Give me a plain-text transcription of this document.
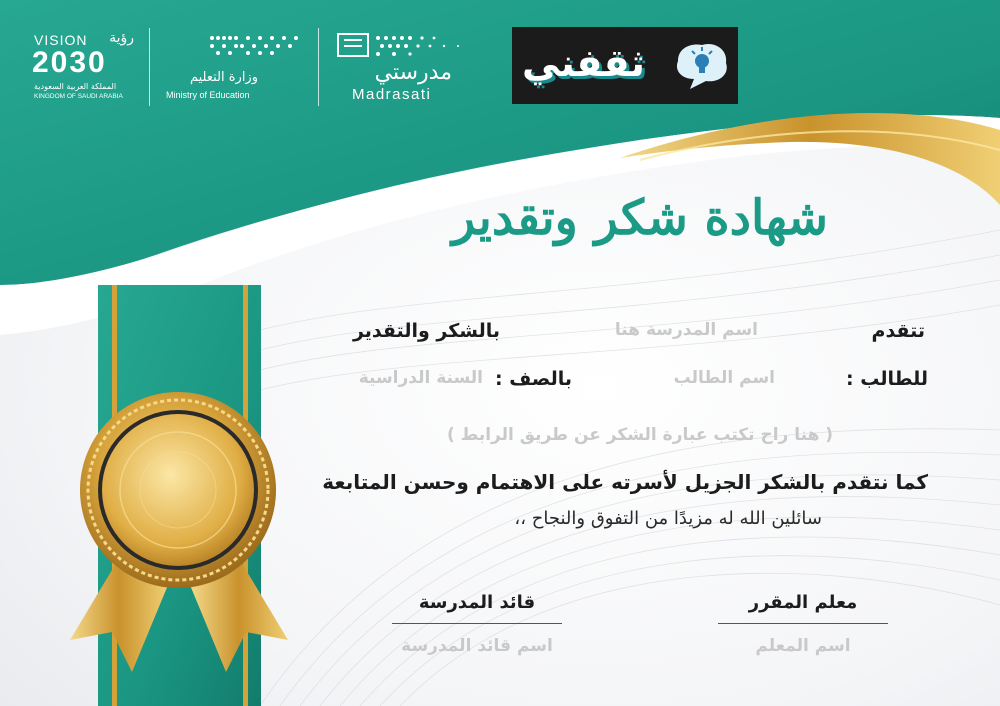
VISION رؤية
2030
المملكة العربية السعودية
KINGDOM OF SAUDI ARABIA
وزارة التعليم
Ministry of Education
مدرستي
Madrasati
ثقفني
شهادة شكر وتقدير
تتقدم
اسم المدرسة هنا
بالشكر والتقدير
للطالب :
اسم الطالب
بالصف :
السنة الدراسية
( هنا راح تكتب عبارة الشكر عن طريق الرابط )
كما نتقدم بالشكر الجزيل لأسرته على الاهتمام وحسن المتابعة
سائلين الله له مزيدًا من التفوق والنجاح ،،
معلم المقرر
اسم المعلم
قائد المدرسة
اسم قائد المدرسة
